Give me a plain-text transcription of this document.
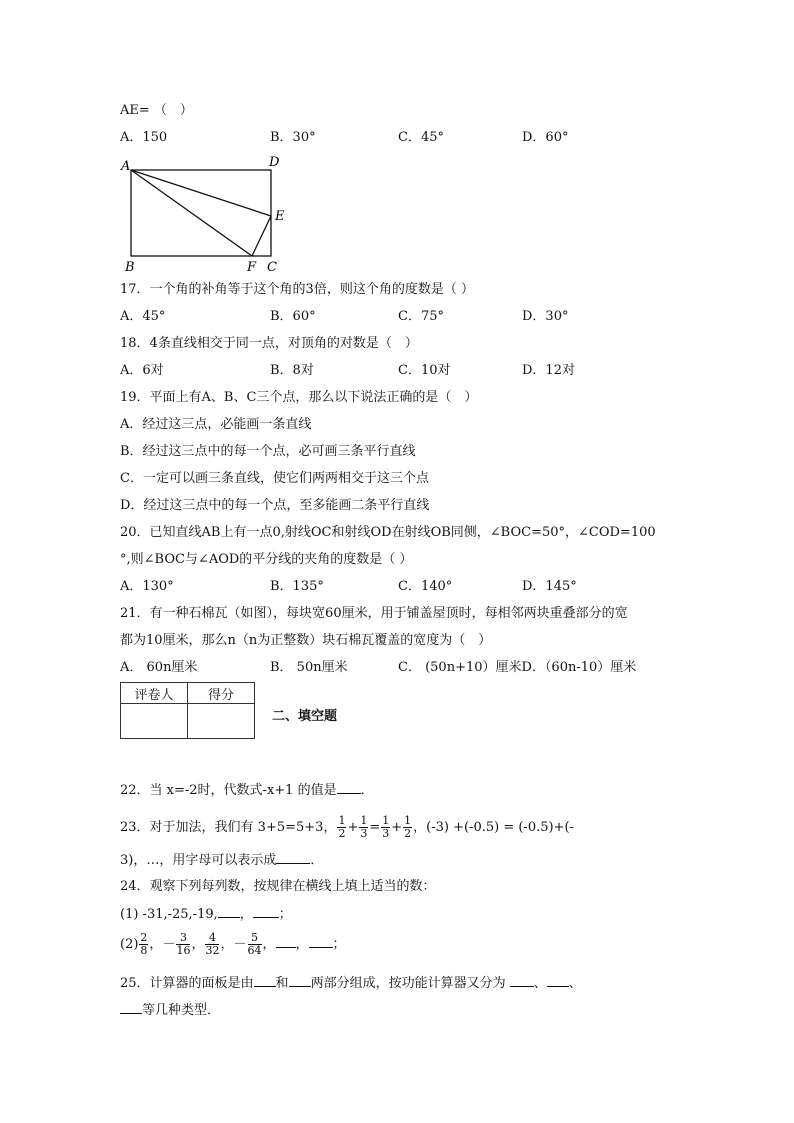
AE= （　）
A．150	B．30°	C．45°	D．60°
A	D
E
B	F C
17．一个角的补角等于这个角的3倍，则这个角的度数是（ ）
A．45°	B．60°	C．75°	D．30°
18．4条直线相交于同一点，对顶角的对数是（　）
A．6对	B．8对	C．10对	D．12对
19．平面上有A、B、C三个点，那么以下说法正确的是（　）
A．经过这三点，必能画一条直线
B．经过这三点中的每一个点，必可画三条平行直线
C．一定可以画三条直线，使它们两两相交于这三个点
D．经过这三点中的每一个点，至多能画二条平行直线
20．已知直线AB上有一点0,射线OC和射线OD在射线OB同侧，∠BOC=50°，∠COD=100
°,则∠BOC与∠AOD的平分线的夹角的度数是（ ）
A．130°	B．135°	C．140°	D．145°
21．有一种石棉瓦（如图），每块宽60厘米，用于铺盖屋顶时，每相邻两块重叠部分的宽
都为10厘米，那么n（n为正整数）块石棉瓦覆盖的宽度为（　）
A． 60n厘米	B． 50n厘米	C． (50n+10）厘米D．（60n-10）厘米
评卷人	得分

二、填空题
22．当 x=-2时，代数式-x+1 的值是 ．
23．对于加法，我们有 3+5=5+3， $\frac{1}{2} + \frac{1}{3} = \frac{1}{3} + \frac{1}{2}$ ，(-3) +(-0.5) = (-0.5)+(-
3)，…，用字母可以表示成	．
24．观察下列每列数，按规律在横线上填上适当的数：
(1) -31,-25,-19, ， ；
$(2) \frac{2}{8}$ ，－ $\frac{3}{16}$ ， $\frac{4}{32}$ ，－ $\frac{5}{64}$ ， ， ；
25．计算器的面板是由 和 两部分组成，按功能计算器又分为 、 、
等几种类型．
